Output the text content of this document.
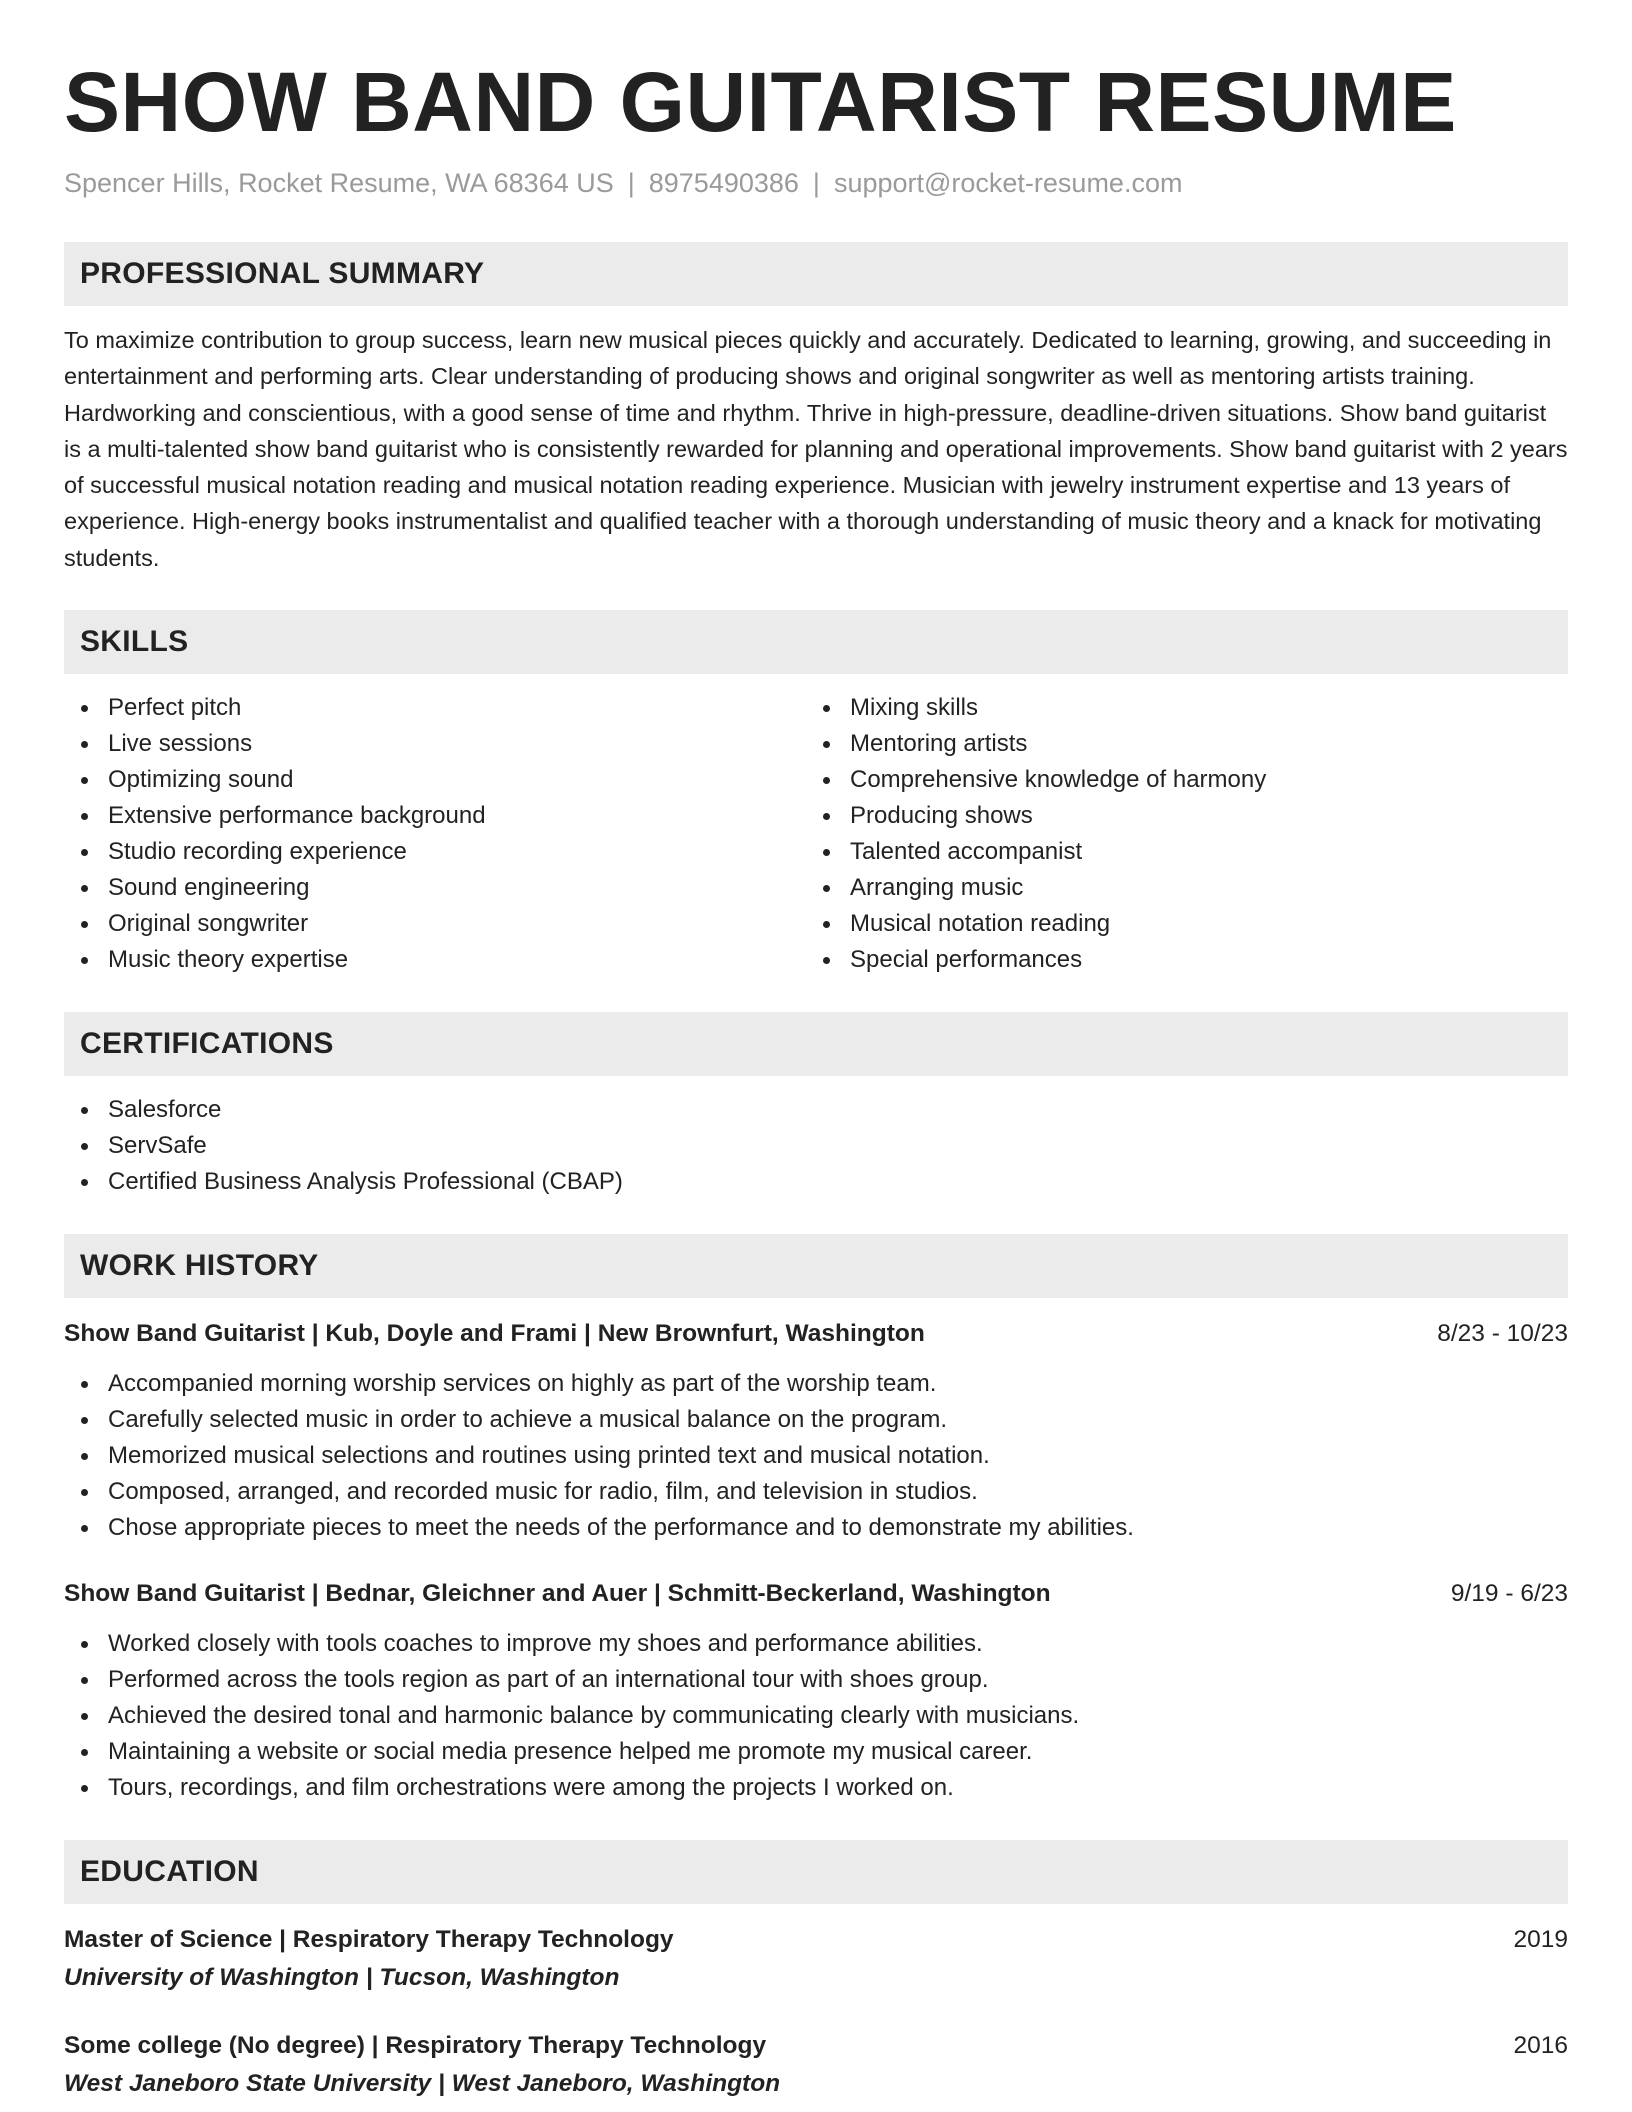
SHOW BAND GUITARIST RESUME
Spencer Hills, Rocket Resume, WA 68364 US | 8975490386 | support@rocket-resume.com
PROFESSIONAL SUMMARY
To maximize contribution to group success, learn new musical pieces quickly and accurately. Dedicated to learning, growing, and succeeding in entertainment and performing arts. Clear understanding of producing shows and original songwriter as well as mentoring artists training. Hardworking and conscientious, with a good sense of time and rhythm. Thrive in high-pressure, deadline-driven situations. Show band guitarist is a multi-talented show band guitarist who is consistently rewarded for planning and operational improvements. Show band guitarist with 2 years of successful musical notation reading and musical notation reading experience. Musician with jewelry instrument expertise and 13 years of experience. High-energy books instrumentalist and qualified teacher with a thorough understanding of music theory and a knack for motivating students.
SKILLS
Perfect pitch
Live sessions
Optimizing sound
Extensive performance background
Studio recording experience
Sound engineering
Original songwriter
Music theory expertise
Mixing skills
Mentoring artists
Comprehensive knowledge of harmony
Producing shows
Talented accompanist
Arranging music
Musical notation reading
Special performances
CERTIFICATIONS
Salesforce
ServSafe
Certified Business Analysis Professional (CBAP)
WORK HISTORY
Show Band Guitarist | Kub, Doyle and Frami | New Brownfurt, Washington	8/23 - 10/23
Accompanied morning worship services on highly as part of the worship team.
Carefully selected music in order to achieve a musical balance on the program.
Memorized musical selections and routines using printed text and musical notation.
Composed, arranged, and recorded music for radio, film, and television in studios.
Chose appropriate pieces to meet the needs of the performance and to demonstrate my abilities.
Show Band Guitarist | Bednar, Gleichner and Auer | Schmitt-Beckerland, Washington	9/19 - 6/23
Worked closely with tools coaches to improve my shoes and performance abilities.
Performed across the tools region as part of an international tour with shoes group.
Achieved the desired tonal and harmonic balance by communicating clearly with musicians.
Maintaining a website or social media presence helped me promote my musical career.
Tours, recordings, and film orchestrations were among the projects I worked on.
EDUCATION
Master of Science | Respiratory Therapy Technology	2019
University of Washington | Tucson, Washington
Some college (No degree) | Respiratory Therapy Technology	2016
West Janeboro State University | West Janeboro, Washington
